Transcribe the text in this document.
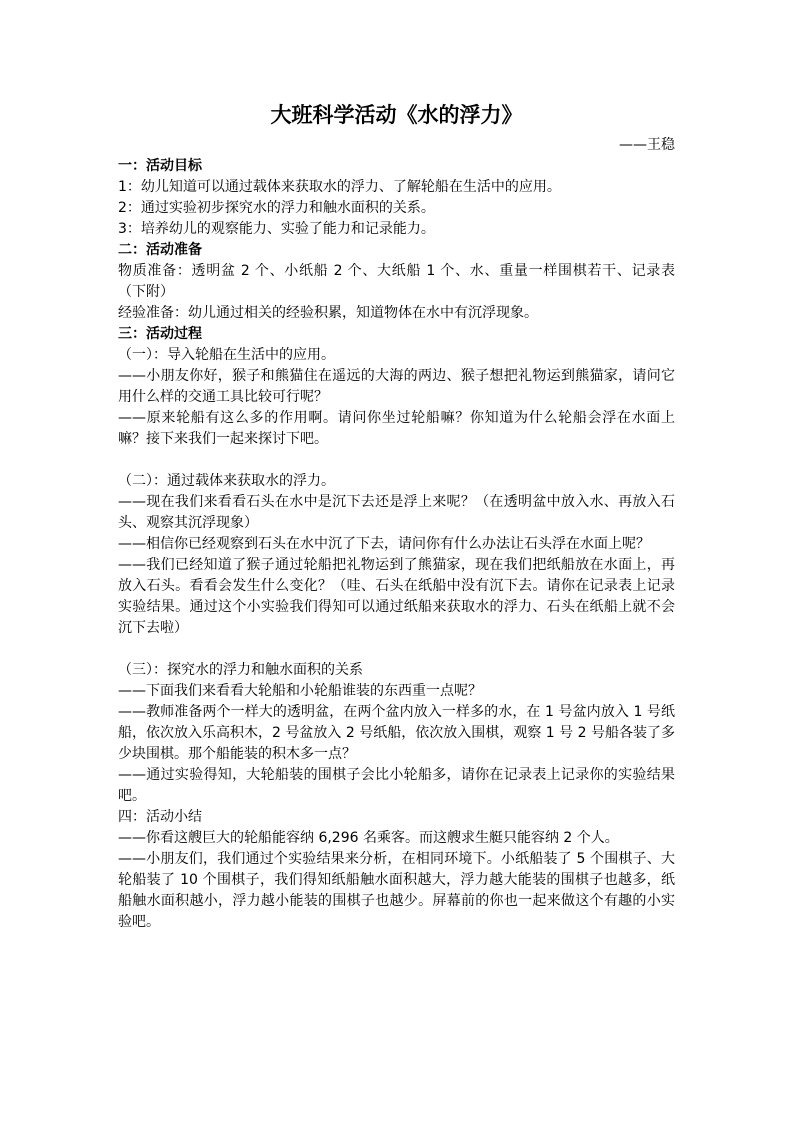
大班科学活动《水的浮力》
——王稳

一：活动目标

1：幼儿知道可以通过载体来获取水的浮力、了解轮船在生活中的应用。

2：通过实验初步探究水的浮力和触水面积的关系。

3：培养幼儿的观察能力、实验了能力和记录能力。

二：活动准备

物质准备：透明盆 2 个、小纸船 2 个、大纸船 1 个、水、重量一样围棋若干、记录表（下附）

经验准备：幼儿通过相关的经验积累，知道物体在水中有沉浮现象。

三：活动过程

（一）：导入轮船在生活中的应用。

——小朋友你好，猴子和熊猫住在遥远的大海的两边、猴子想把礼物运到熊猫家，请问它用什么样的交通工具比较可行呢？

——原来轮船有这么多的作用啊。请问你坐过轮船嘛？你知道为什么轮船会浮在水面上嘛？接下来我们一起来探讨下吧。

（二）：通过载体来获取水的浮力。

——现在我们来看看石头在水中是沉下去还是浮上来呢？（在透明盆中放入水、再放入石头、观察其沉浮现象）

——相信你已经观察到石头在水中沉了下去，请问你有什么办法让石头浮在水面上呢？

——我们已经知道了猴子通过轮船把礼物运到了熊猫家，现在我们把纸船放在水面上，再放入石头。看看会发生什么变化？（哇、石头在纸船中没有沉下去。请你在记录表上记录实验结果。通过这个小实验我们得知可以通过纸船来获取水的浮力、石头在纸船上就不会沉下去啦）

（三）：探究水的浮力和触水面积的关系

——下面我们来看看大轮船和小轮船谁装的东西重一点呢？

——教师准备两个一样大的透明盆，在两个盆内放入一样多的水，在 1 号盆内放入 1 号纸船，依次放入乐高积木，2 号盆放入 2 号纸船，依次放入围棋，观察 1 号 2 号船各装了多少块围棋。那个船能装的积木多一点？

——通过实验得知，大轮船装的围棋子会比小轮船多，请你在记录表上记录你的实验结果吧。

四：活动小结

——你看这艘巨大的轮船能容纳 6,296 名乘客。而这艘求生艇只能容纳 2 个人。

——小朋友们，我们通过个实验结果来分析，在相同环境下。小纸船装了 5 个围棋子、大轮船装了 10 个围棋子，我们得知纸船触水面积越大，浮力越大能装的围棋子也越多，纸船触水面积越小，浮力越小能装的围棋子也越少。屏幕前的你也一起来做这个有趣的小实验吧。
